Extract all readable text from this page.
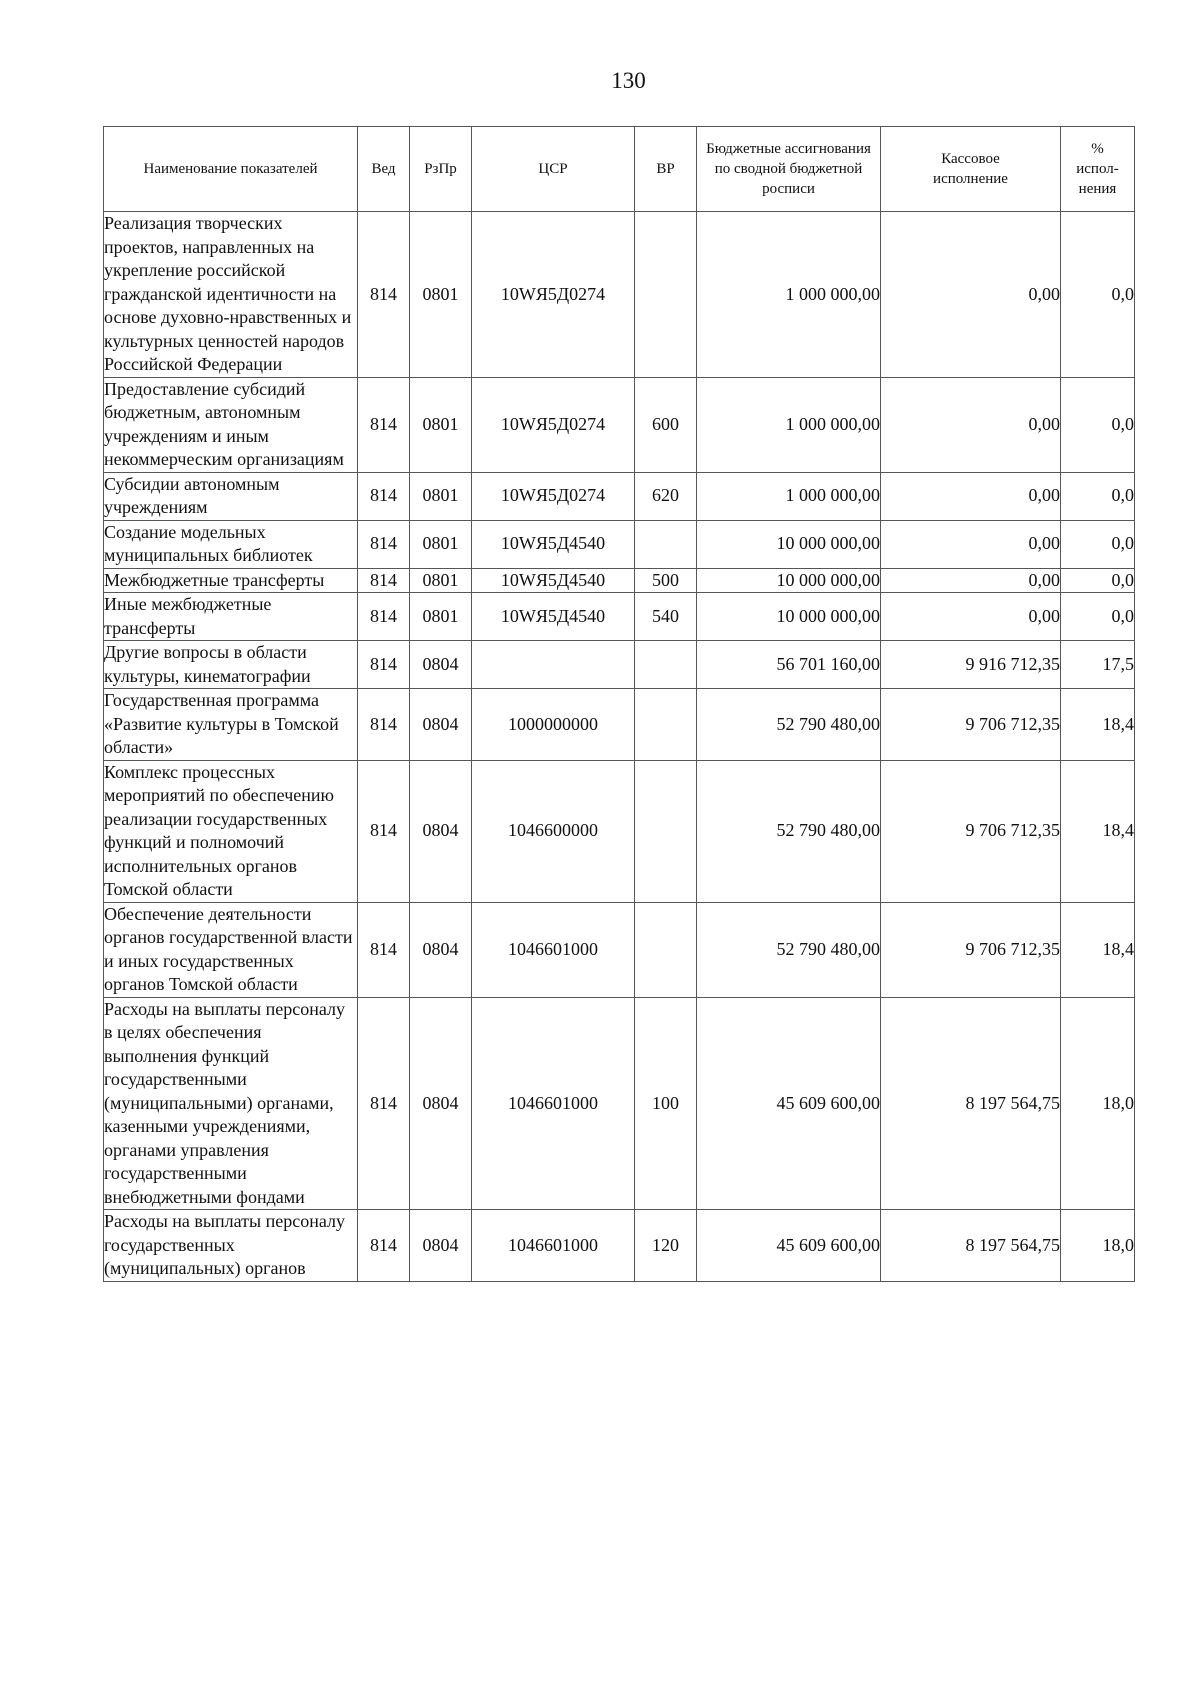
130
Наименование показателей	Вед	РзПр	ЦСР	ВР	Бюджетные ассигнования по сводной бюджетной росписи	Кассовое исполнение	% испол-нения
Реализация творческих проектов, направленных на укрепление российской гражданской идентичности на основе духовно-нравственных и культурных ценностей народов Российской Федерации	814	0801	10WЯ5Д0274		1 000 000,00	0,00	0,0
Предоставление субсидий бюджетным, автономным учреждениям и иным некоммерческим организациям	814	0801	10WЯ5Д0274	600	1 000 000,00	0,00	0,0
Субсидии автономным учреждениям	814	0801	10WЯ5Д0274	620	1 000 000,00	0,00	0,0
Создание модельных муниципальных библиотек	814	0801	10WЯ5Д4540		10 000 000,00	0,00	0,0
Межбюджетные трансферты	814	0801	10WЯ5Д4540	500	10 000 000,00	0,00	0,0
Иные межбюджетные трансферты	814	0801	10WЯ5Д4540	540	10 000 000,00	0,00	0,0
Другие вопросы в области культуры, кинематографии	814	0804			56 701 160,00	9 916 712,35	17,5
Государственная программа «Развитие культуры в Томской области»	814	0804	1000000000		52 790 480,00	9 706 712,35	18,4
Комплекс процессных мероприятий по обеспечению реализации государственных функций и полномочий исполнительных органов Томской области	814	0804	1046600000		52 790 480,00	9 706 712,35	18,4
Обеспечение деятельности органов государственной власти и иных государственных органов Томской области	814	0804	1046601000		52 790 480,00	9 706 712,35	18,4
Расходы на выплаты персоналу в целях обеспечения выполнения функций государственными (муниципальными) органами, казенными учреждениями, органами управления государственными внебюджетными фондами	814	0804	1046601000	100	45 609 600,00	8 197 564,75	18,0
Расходы на выплаты персоналу государственных (муниципальных) органов	814	0804	1046601000	120	45 609 600,00	8 197 564,75	18,0
